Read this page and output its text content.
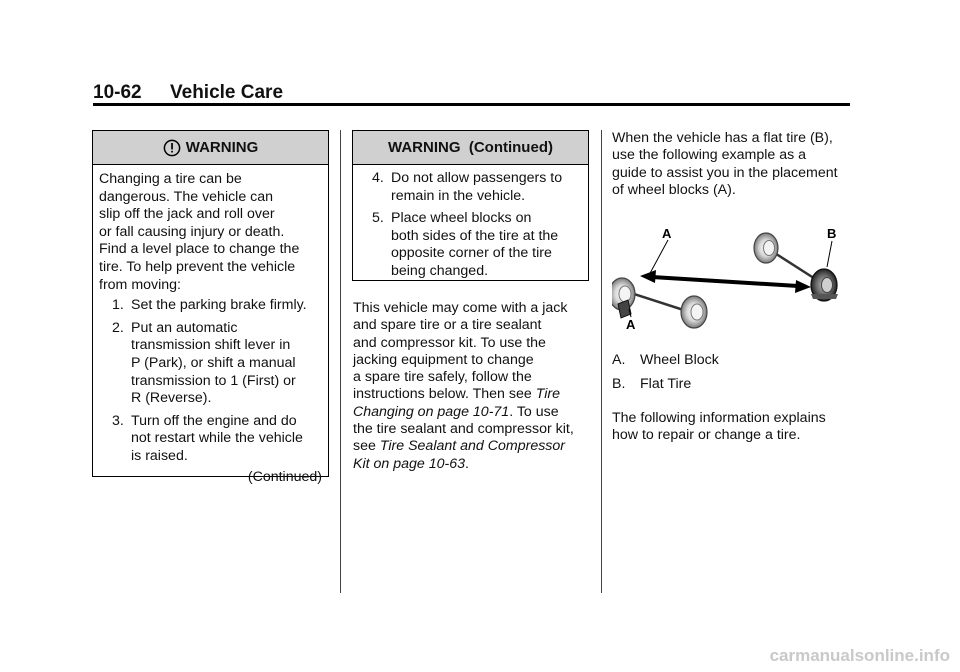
10-62 Vehicle Care
WARNING

Changing a tire can be

dangerous. The vehicle can

slip off the jack and roll over

or fall causing injury or death.

Find a level place to change the

tire. To help prevent the vehicle

from moving:

1. Set the parking brake firmly.
2. Put an automatic
transmission shift lever in
P (Park), or shift a manual
transmission to 1 (First) or
R (Reverse).
3. Turn off the engine and do
not restart while the vehicle
is raised.
(Continued)
WARNING  (Continued)
4. Do not allow passengers to
remain in the vehicle.
5. Place wheel blocks on
both sides of the tire at the
opposite corner of the tire
being changed.

This vehicle may come with a jack

and spare tire or a tire sealant

and compressor kit. To use the

jacking equipment to change

a spare tire safely, follow the

instructions below. Then see Tire

Changing on page 10-71. To use

the tire sealant and compressor kit,

see Tire Sealant and Compressor

Kit on page 10-63.

When the vehicle has a flat tire (B),

use the following example as a

guide to assist you in the placement

of wheel blocks (A).

A
A
B
A. Wheel Block
B. Flat Tire

The following information explains

how to repair or change a tire.

carmanualsonline.info
